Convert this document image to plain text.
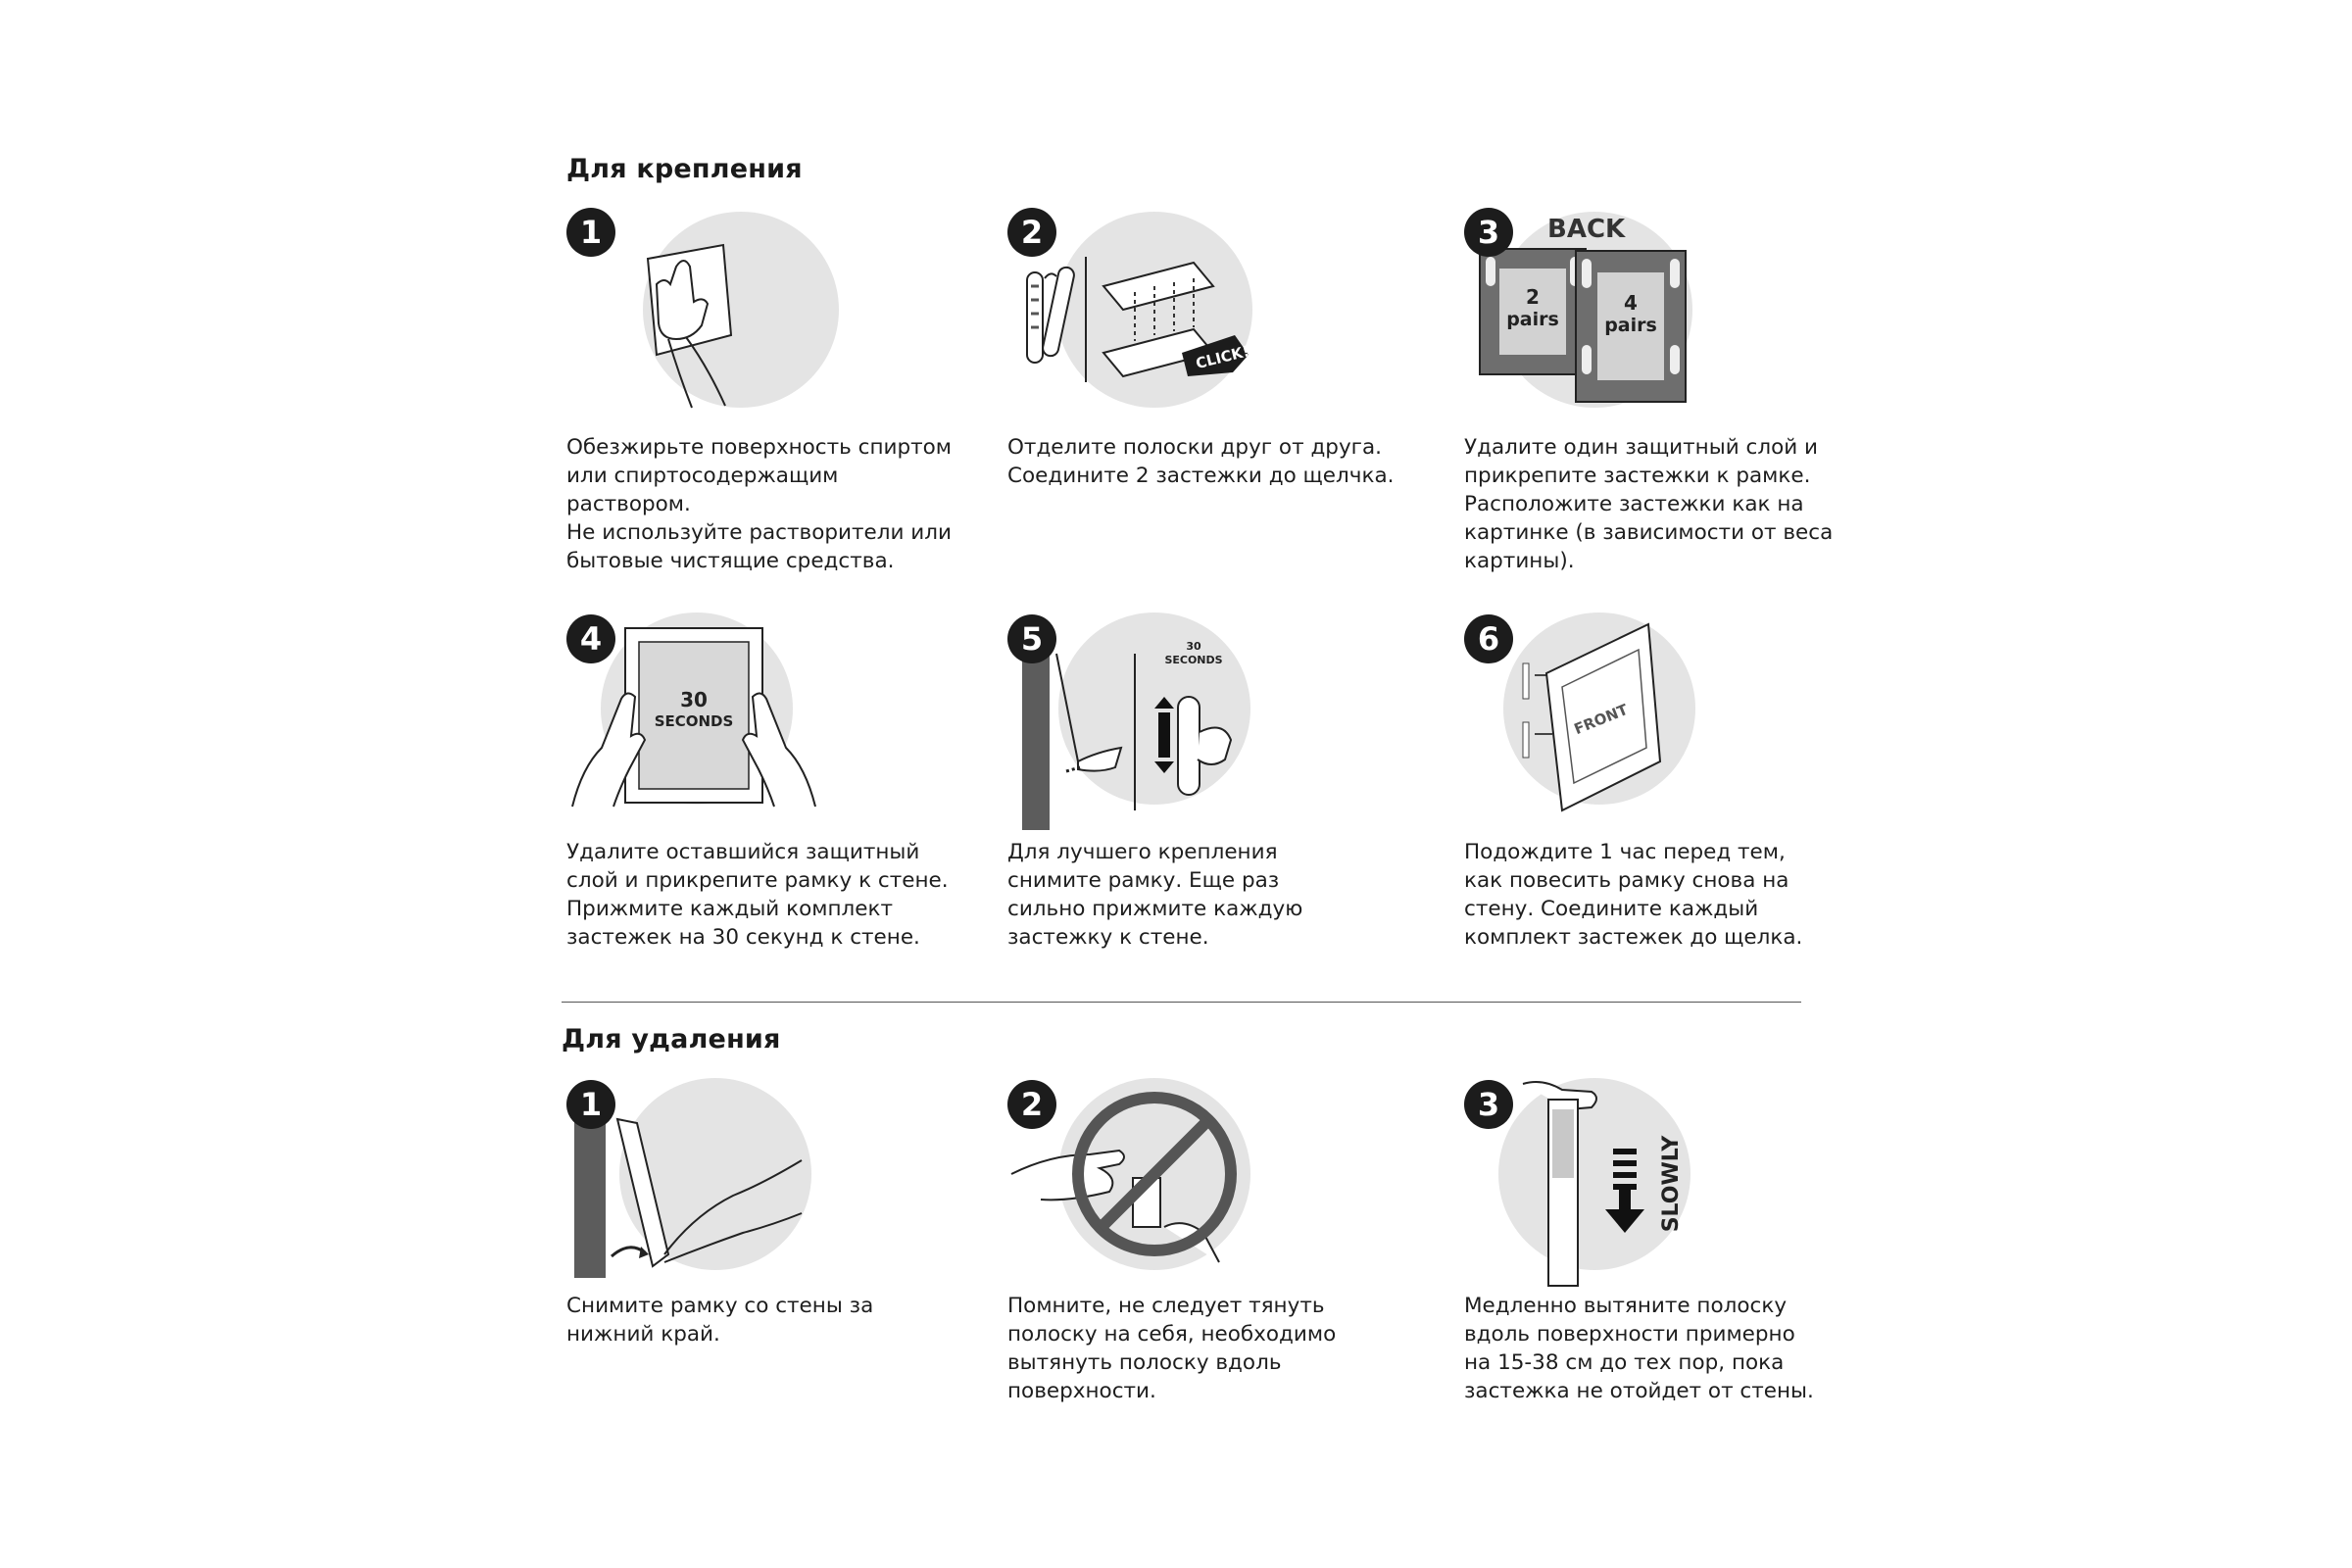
Для крепления
1
Обезжирьте поверхность спиртом
или спиртосодержащим раствором.
Не используйте растворители или
бытовые чистящие средства.
2
CLICK!
Отделите полоски друг от друга.
Соедините 2 застежки до щелчка.
3	BACK
2
pairs
4
pairs
Удалите один защитный слой и
прикрепите застежки к рамке.
Расположите застежки как на
картинке (в зависимости от веса
картины).
4
30
SECONDS
Удалите оставшийся защитный
слой и прикрепите рамку к стене.
Прижмите каждый комплект
застежек на 30 секунд к стене.
5	30
SECONDS
Для лучшего крепления
снимите рамку. Еще раз
сильно прижмите каждую
застежку к стене.
6
FRONT
Подождите 1 час перед тем,
как повесить рамку снова на
стену. Соедините каждый
комплект застежек до щелка.
Для удаления
1
Снимите рамку со стены за
нижний край.
2
Помните, не следует тянуть
полоску на себя, необходимо
вытянуть полоску вдоль
поверхности.
3
SLOWLY
Медленно вытяните полоску
вдоль поверхности примерно
на 15-38 см до тех пор, пока
застежка не отойдет от стены.
